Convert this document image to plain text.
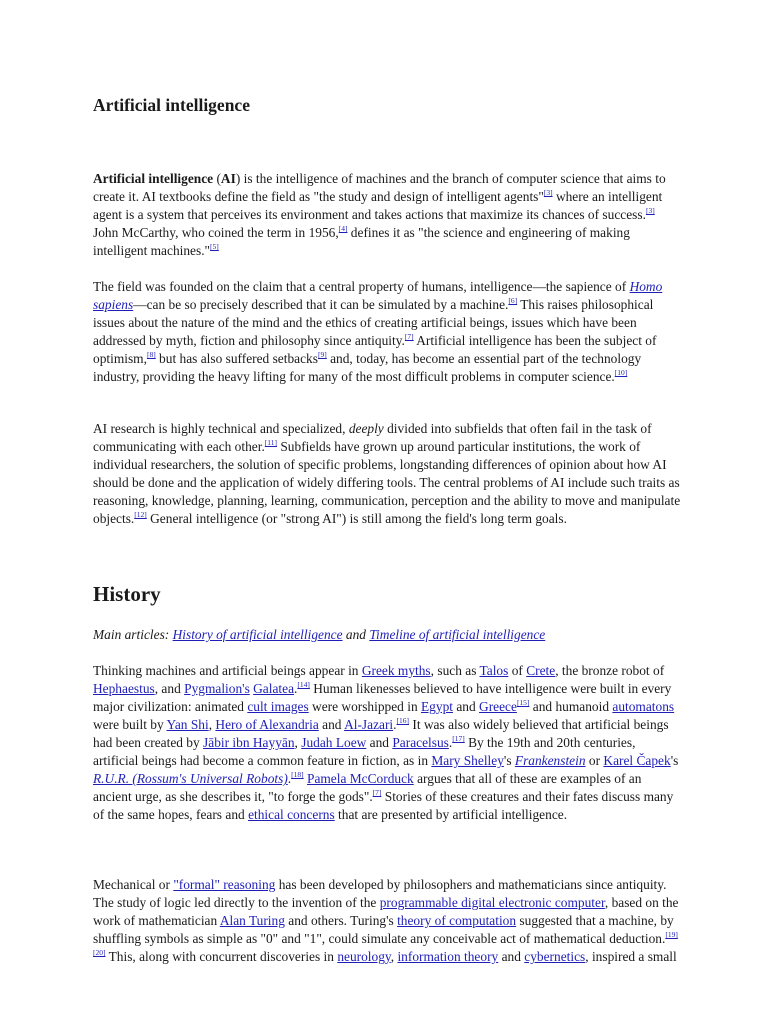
Artificial intelligence

Artificial intelligence (AI) is the intelligence of machines and the branch of computer science that aims to create it. AI textbooks define the field as "the study and design of intelligent agents"[3] where an intelligent agent is a system that perceives its environment and takes actions that maximize its chances of success.[3] John McCarthy, who coined the term in 1956,[4] defines it as "the science and engineering of making intelligent machines."[5]

The field was founded on the claim that a central property of humans, intelligence—the sapience of Homo sapiens—can be so precisely described that it can be simulated by a machine.[6] This raises philosophical issues about the nature of the mind and the ethics of creating artificial beings, issues which have been addressed by myth, fiction and philosophy since antiquity.[7] Artificial intelligence has been the subject of optimism,[8] but has also suffered setbacks[9] and, today, has become an essential part of the technology industry, providing the heavy lifting for many of the most difficult problems in computer science.[10]

AI research is highly technical and specialized, deeply divided into subfields that often fail in the task of communicating with each other.[11] Subfields have grown up around particular institutions, the work of individual researchers, the solution of specific problems, longstanding differences of opinion about how AI should be done and the application of widely differing tools. The central problems of AI include such traits as reasoning, knowledge, planning, learning, communication, perception and the ability to move and manipulate objects.[12] General intelligence (or "strong AI") is still among the field's long term goals.

History

Main articles: History of artificial intelligence and Timeline of artificial intelligence

Thinking machines and artificial beings appear in Greek myths, such as Talos of Crete, the bronze robot of Hephaestus, and Pygmalion's Galatea.[14] Human likenesses believed to have intelligence were built in every major civilization: animated cult images were worshipped in Egypt and Greece[15] and humanoid automatons were built by Yan Shi, Hero of Alexandria and Al-Jazari.[16] It was also widely believed that artificial beings had been created by Jābir ibn Hayyān, Judah Loew and Paracelsus.[17] By the 19th and 20th centuries, artificial beings had become a common feature in fiction, as in Mary Shelley's Frankenstein or Karel Čapek's R.U.R. (Rossum's Universal Robots).[18] Pamela McCorduck argues that all of these are examples of an ancient urge, as she describes it, "to forge the gods".[7] Stories of these creatures and their fates discuss many of the same hopes, fears and ethical concerns that are presented by artificial intelligence.

Mechanical or "formal" reasoning has been developed by philosophers and mathematicians since antiquity. The study of logic led directly to the invention of the programmable digital electronic computer, based on the work of mathematician Alan Turing and others. Turing's theory of computation suggested that a machine, by shuffling symbols as simple as "0" and "1", could simulate any conceivable act of mathematical deduction.[19][20] This, along with concurrent discoveries in neurology, information theory and cybernetics, inspired a small
